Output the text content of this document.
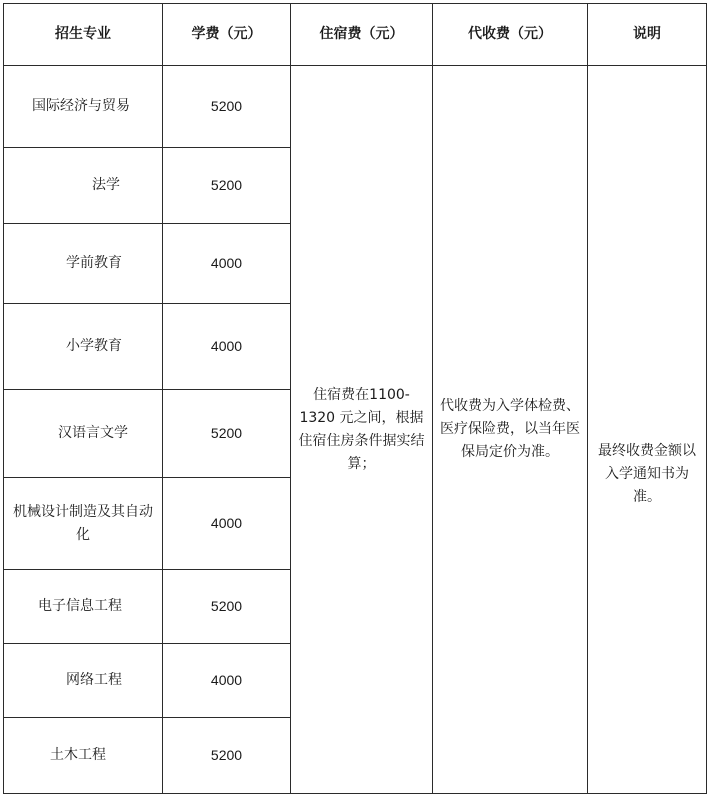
招生专业	学费（元）	住宿费（元）	代收费（元）	说明
国际经济与贸易	5200	住宿费在1100-1320 元之间，根据住宿住房条件据实结算；	代收费为入学体检费、医疗保险费，以当年医保局定价为准。	最终收费金额以入学通知书为准。

法学	5200			
学前教育	4000			
小学教育	4000			
汉语言文学	5200			
机械设计制造及其自动化	4000			
电子信息工程	5200			
网络工程	4000			
土木工程	5200			
